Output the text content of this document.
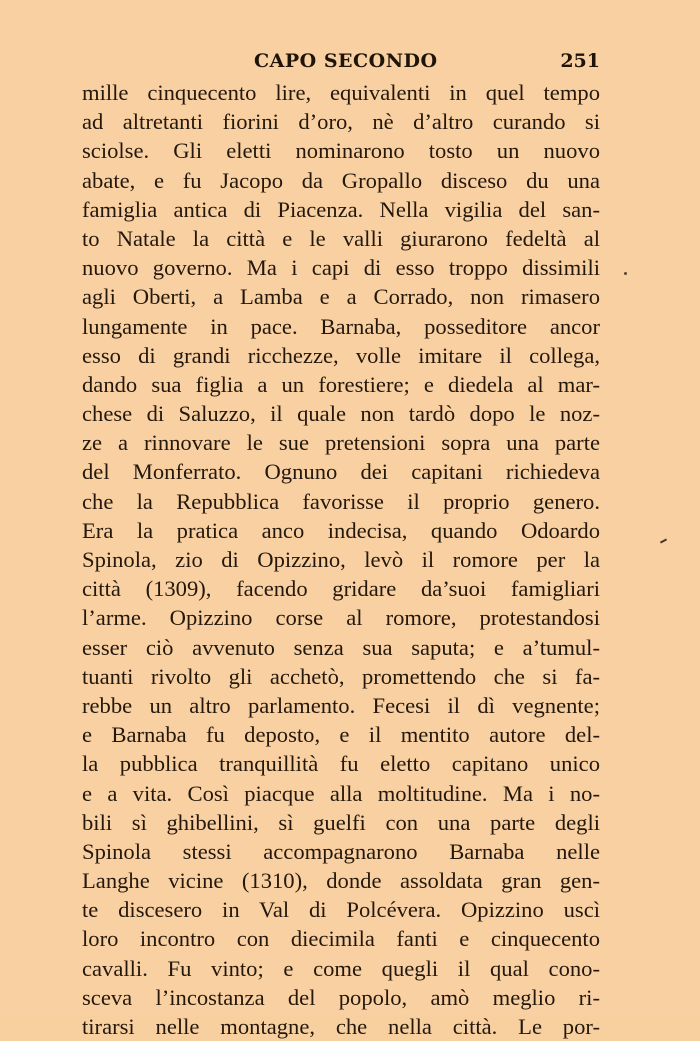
CAPO SECONDO	251
mille cinquecento lire, equivalenti in quel tempo
ad altretanti fiorini d’oro, nè d’altro curando si
sciolse. Gli eletti nominarono tosto un nuovo
abate, e fu Jacopo da Gropallo disceso du una
famiglia antica di Piacenza. Nella vigilia del san-
to Natale la città e le valli giurarono fedeltà al
nuovo governo. Ma i capi di esso troppo dissimili
agli Oberti, a Lamba e a Corrado, non rimasero
lungamente in pace. Barnaba, posseditore ancor
esso di grandi ricchezze, volle imitare il collega,
dando sua figlia a un forestiere; e diedela al mar-
chese di Saluzzo, il quale non tardò dopo le noz-
ze a rinnovare le sue pretensioni sopra una parte
del Monferrato. Ognuno dei capitani richiedeva
che la Repubblica favorisse il proprio genero.
Era la pratica anco indecisa, quando Odoardo
Spinola, zio di Opizzino, levò il romore per la
città (1309), facendo gridare da’suoi famigliari
l’arme. Opizzino corse al romore, protestandosi
esser ciò avvenuto senza sua saputa; e a’tumul-
tuanti rivolto gli acchetò, promettendo che si fa-
rebbe un altro parlamento. Fecesi il dì vegnente;
e Barnaba fu deposto, e il mentito autore del-
la pubblica tranquillità fu eletto capitano unico
e a vita. Così piacque alla moltitudine. Ma i no-
bili sì ghibellini, sì guelfi con una parte degli
Spinola stessi accompagnarono Barnaba nelle
Langhe vicine (1310), donde assoldata gran gen-
te discesero in Val di Polcévera. Opizzino uscì
loro incontro con diecimila fanti e cinquecento
cavalli. Fu vinto; e come quegli il qual cono-
sceva l’incostanza del popolo, amò meglio ri-
tirarsi nelle montagne, che nella città. Le por-
